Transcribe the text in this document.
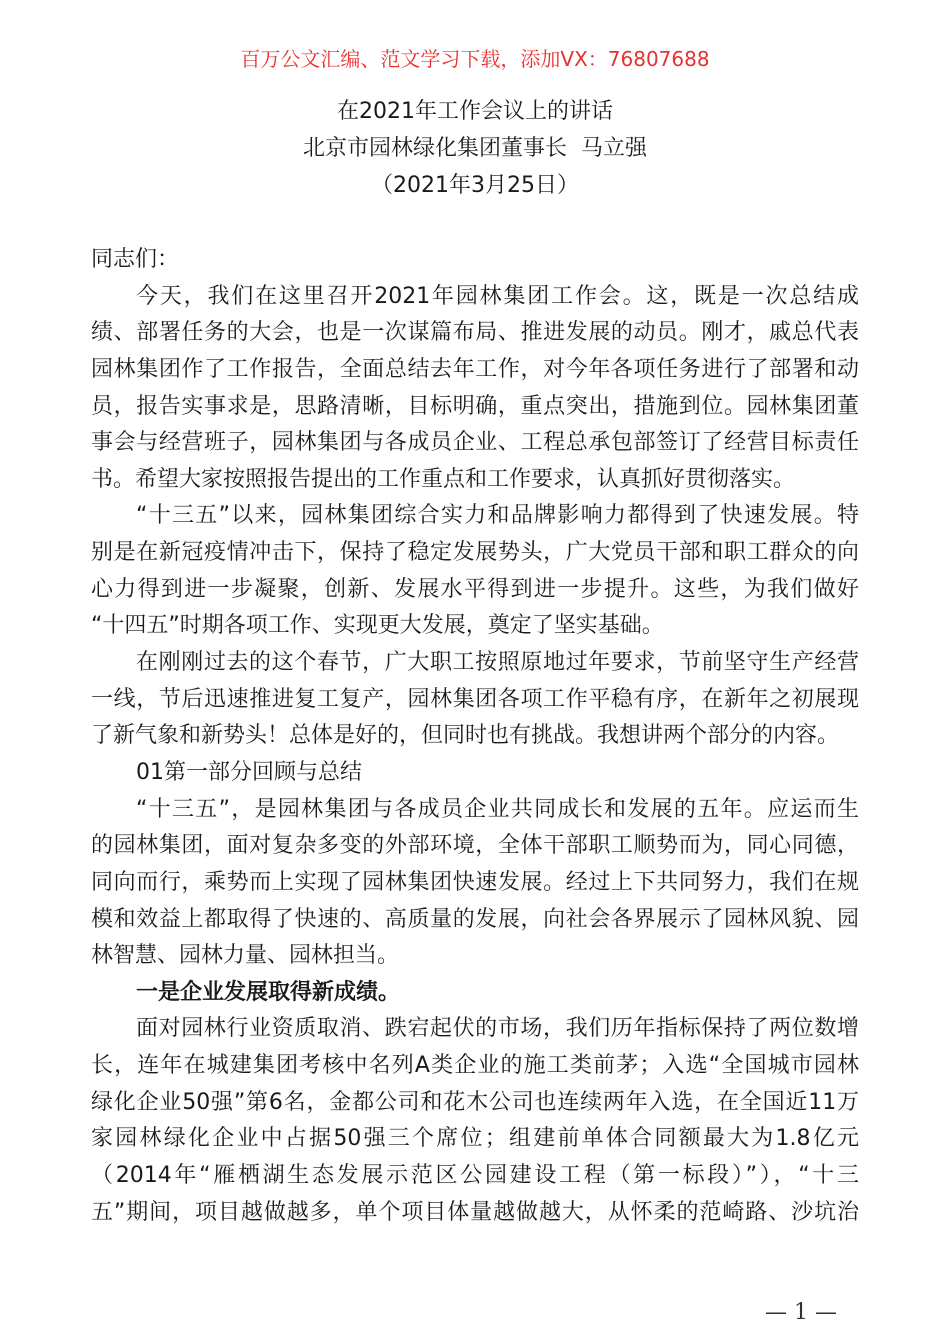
百万公文汇编、范文学习下载，添加VX：76807688
在2021年工作会议上的讲话
北京市园林绿化集团董事长  马立强
（2021年3月25日）
同志们：
今天，我们在这里召开2021年园林集团工作会。这，既是一次总结成
绩、部署任务的大会，也是一次谋篇布局、推进发展的动员。刚才，戚总代表
园林集团作了工作报告，全面总结去年工作，对今年各项任务进行了部署和动
员，报告实事求是，思路清晰，目标明确，重点突出，措施到位。园林集团董
事会与经营班子，园林集团与各成员企业、工程总承包部签订了经营目标责任
书。希望大家按照报告提出的工作重点和工作要求，认真抓好贯彻落实。
“十三五”以来，园林集团综合实力和品牌影响力都得到了快速发展。特
别是在新冠疫情冲击下，保持了稳定发展势头，广大党员干部和职工群众的向
心力得到进一步凝聚，创新、发展水平得到进一步提升。这些，为我们做好
“十四五”时期各项工作、实现更大发展，奠定了坚实基础。
在刚刚过去的这个春节，广大职工按照原地过年要求，节前坚守生产经营
一线，节后迅速推进复工复产，园林集团各项工作平稳有序，在新年之初展现
了新气象和新势头！总体是好的，但同时也有挑战。我想讲两个部分的内容。
01第一部分回顾与总结
“十三五”，是园林集团与各成员企业共同成长和发展的五年。应运而生
的园林集团，面对复杂多变的外部环境，全体干部职工顺势而为，同心同德，
同向而行，乘势而上实现了园林集团快速发展。经过上下共同努力，我们在规
模和效益上都取得了快速的、高质量的发展，向社会各界展示了园林风貌、园
林智慧、园林力量、园林担当。
一是企业发展取得新成绩。
面对园林行业资质取消、跌宕起伏的市场，我们历年指标保持了两位数增
长，连年在城建集团考核中名列A类企业的施工类前茅；入选“全国城市园林
绿化企业50强”第6名，金都公司和花木公司也连续两年入选，在全国近11万
家园林绿化企业中占据50强三个席位；组建前单体合同额最大为1.8亿元
（2014年“雁栖湖生态发展示范区公园建设工程（第一标段）”），“十三
五”期间，项目越做越多，单个项目体量越做越大，从怀柔的范崎路、沙坑治
— 1 —
